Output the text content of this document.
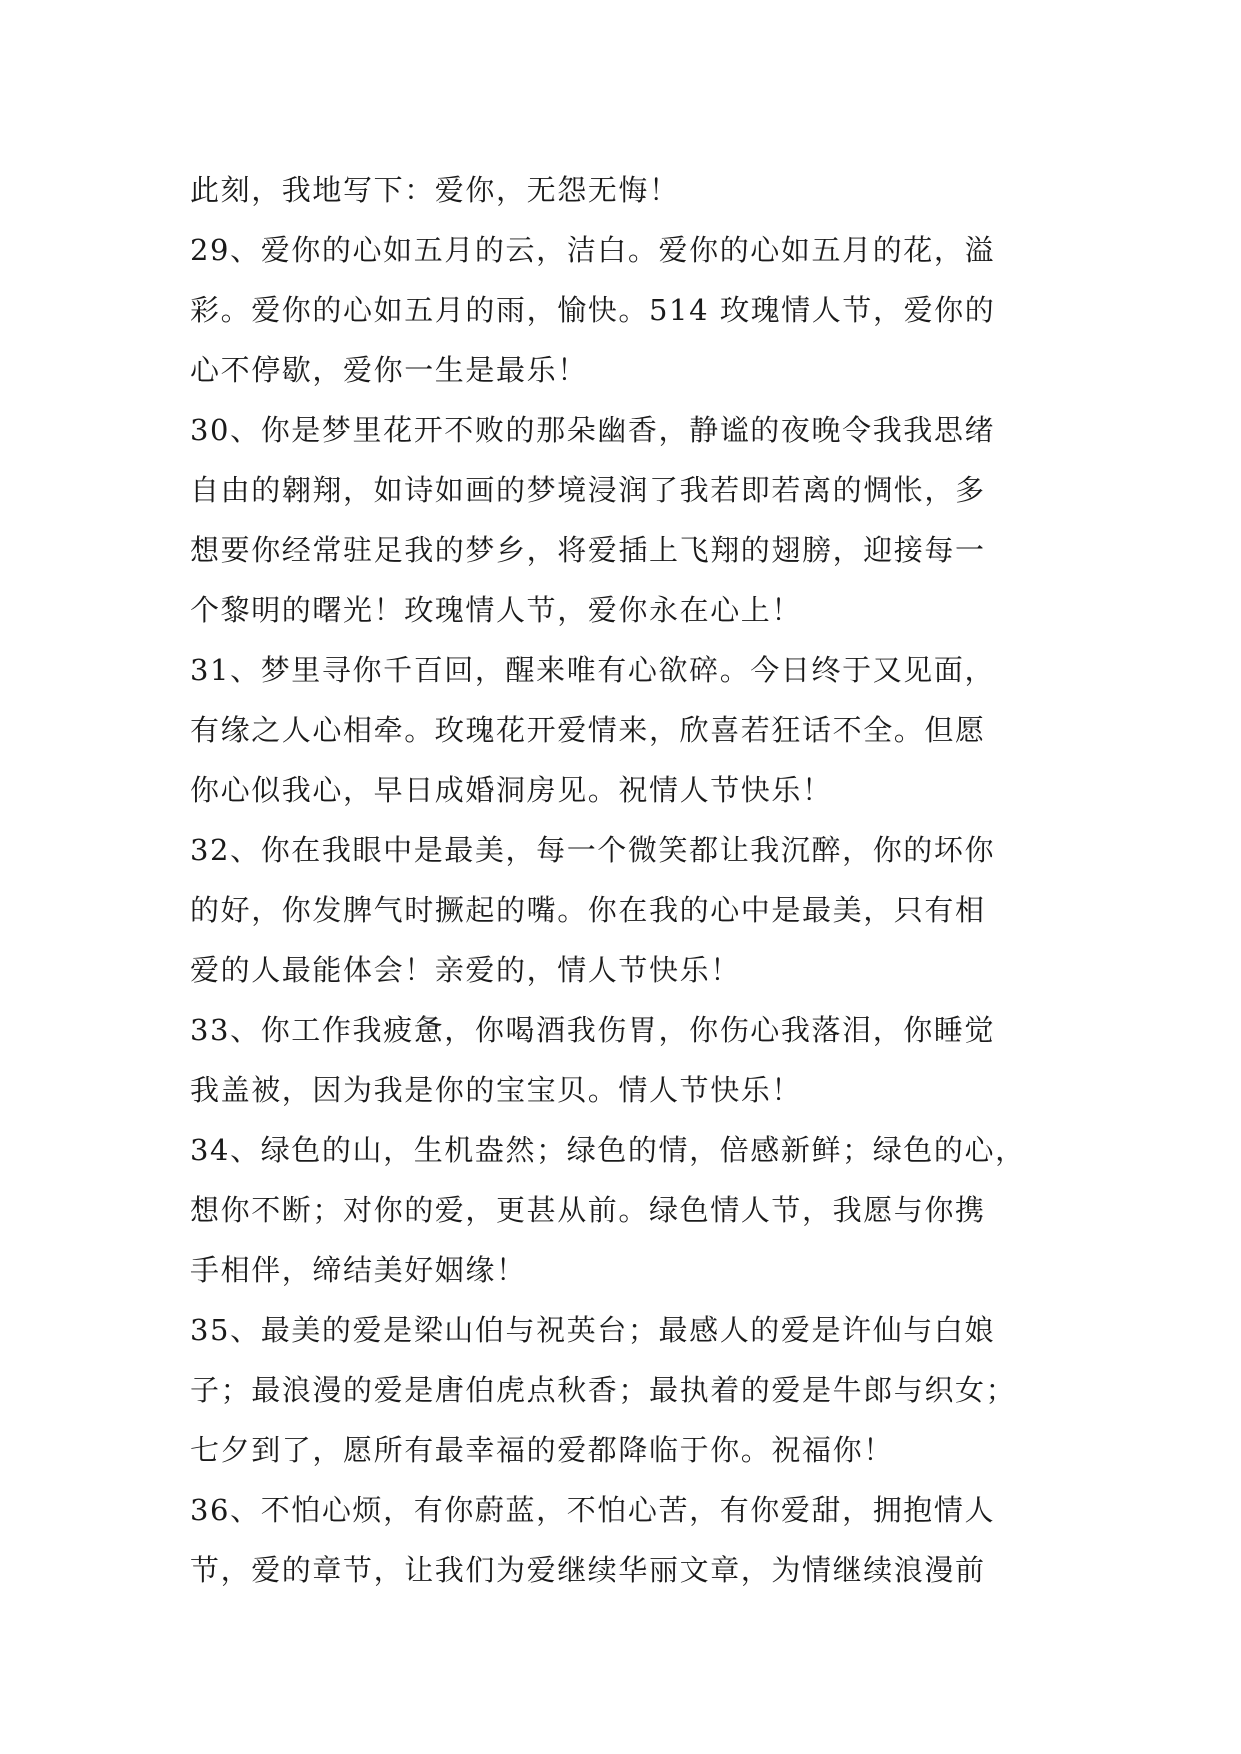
此刻，我地写下：爱你，无怨无悔！
29、爱你的心如五月的云，洁白。爱你的心如五月的花，溢
彩。爱你的心如五月的雨，愉快。514 玫瑰情人节，爱你的
心不停歇，爱你一生是最乐！
30、你是梦里花开不败的那朵幽香，静谧的夜晚令我我思绪
自由的翱翔，如诗如画的梦境浸润了我若即若离的惆怅，多
想要你经常驻足我的梦乡，将爱插上飞翔的翅膀，迎接每一
个黎明的曙光！玫瑰情人节，爱你永在心上！
31、梦里寻你千百回，醒来唯有心欲碎。今日终于又见面，
有缘之人心相牵。玫瑰花开爱情来，欣喜若狂话不全。但愿
你心似我心，早日成婚洞房见。祝情人节快乐！
32、你在我眼中是最美，每一个微笑都让我沉醉，你的坏你
的好，你发脾气时撅起的嘴。你在我的心中是最美，只有相
爱的人最能体会！亲爱的，情人节快乐！
33、你工作我疲惫，你喝酒我伤胃，你伤心我落泪，你睡觉
我盖被，因为我是你的宝宝贝。情人节快乐！
34、绿色的山，生机盎然；绿色的情，倍感新鲜；绿色的心，
想你不断；对你的爱，更甚从前。绿色情人节，我愿与你携
手相伴，缔结美好姻缘！
35、最美的爱是梁山伯与祝英台；最感人的爱是许仙与白娘
子；最浪漫的爱是唐伯虎点秋香；最执着的爱是牛郎与织女；
七夕到了，愿所有最幸福的爱都降临于你。祝福你！
36、不怕心烦，有你蔚蓝，不怕心苦，有你爱甜，拥抱情人
节，爱的章节，让我们为爱继续华丽文章，为情继续浪漫前
